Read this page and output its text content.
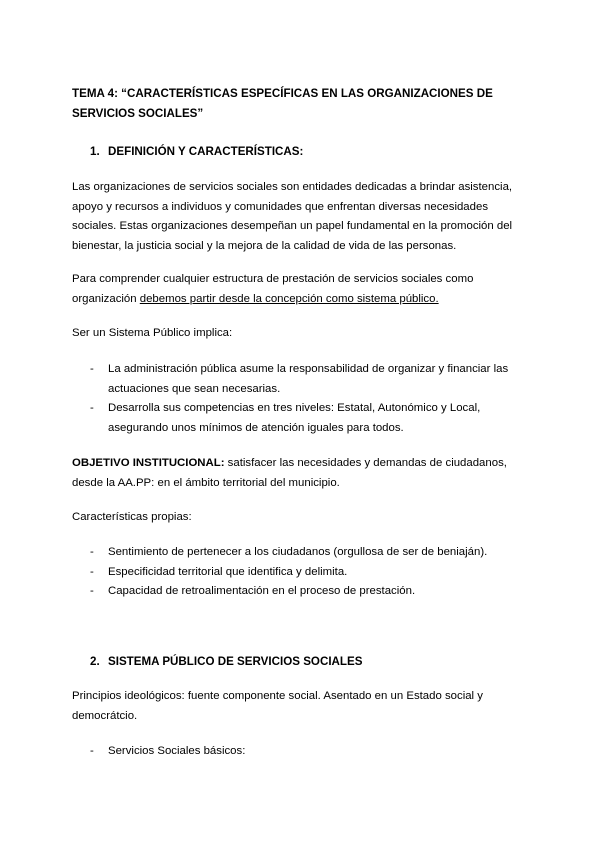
TEMA 4: “CARACTERÍSTICAS ESPECÍFICAS EN LAS ORGANIZACIONES DE SERVICIOS SOCIALES”

1. DEFINICIÓN Y CARACTERÍSTICAS:

Las organizaciones de servicios sociales son entidades dedicadas a brindar asistencia, apoyo y recursos a individuos y comunidades que enfrentan diversas necesidades sociales. Estas organizaciones desempeñan un papel fundamental en la promoción del bienestar, la justicia social y la mejora de la calidad de vida de las personas.

Para comprender cualquier estructura de prestación de servicios sociales como organización debemos partir desde la concepción como sistema público.

Ser un Sistema Público implica:

- La administración pública asume la responsabilidad de organizar y financiar las actuaciones que sean necesarias.
- Desarrolla sus competencias en tres niveles: Estatal, Autonómico y Local, asegurando unos mínimos de atención iguales para todos.

OBJETIVO INSTITUCIONAL: satisfacer las necesidades y demandas de ciudadanos, desde la AA.PP: en el ámbito territorial del municipio.

Características propias:

- Sentimiento de pertenecer a los ciudadanos (orgullosa de ser de beniaján).
- Especificidad territorial que identifica y delimita.
- Capacidad de retroalimentación en el proceso de prestación.

2. SISTEMA PÚBLICO DE SERVICIOS SOCIALES

Principios ideológicos: fuente componente social. Asentado en un Estado social y democrátcio.

- Servicios Sociales básicos:
